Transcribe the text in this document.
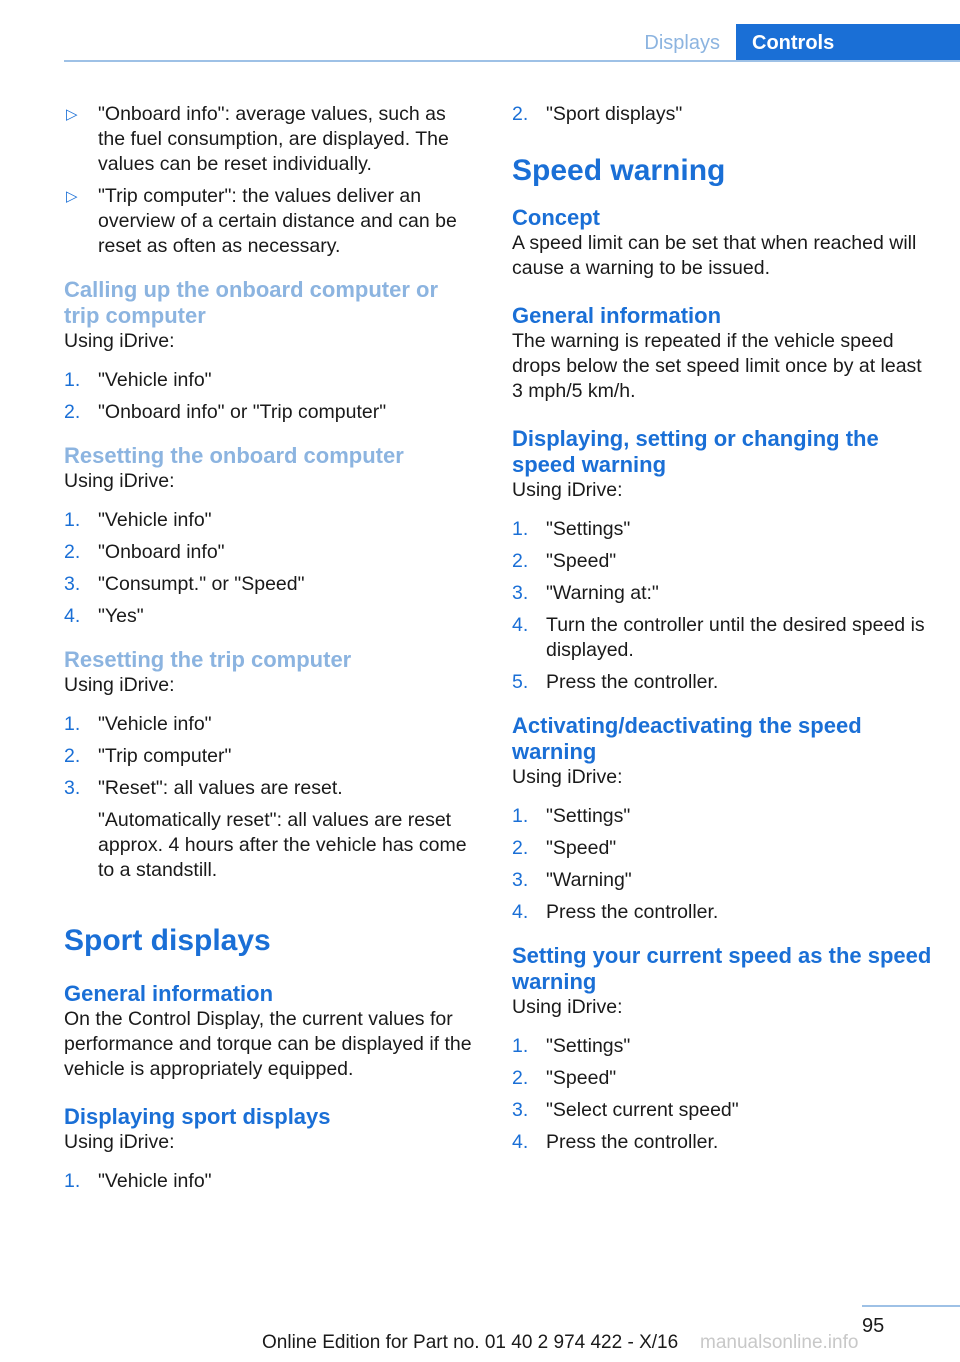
Displays	Controls
▷ "Onboard info": average values, such as the fuel consumption, are displayed. The values can be reset individually.
▷ "Trip computer": the values deliver an overview of a certain distance and can be reset as often as necessary.
Calling up the onboard computer or trip computer

Using iDrive:

1. "Vehicle info"
2. "Onboard info" or "Trip computer"
Resetting the onboard computer

Using iDrive:

1. "Vehicle info"
2. "Onboard info"
3. "Consumpt." or "Speed"
4. "Yes"
Resetting the trip computer

Using iDrive:

1. "Vehicle info"
2. "Trip computer"
3. "Reset": all values are reset.
"Automatically reset": all values are reset approx. 4 hours after the vehicle has come to a standstill.
Sport displays
General information

On the Control Display, the current values for performance and torque can be displayed if the vehicle is appropriately equipped.

Displaying sport displays

Using iDrive:

1. "Vehicle info"
2. "Sport displays"
Speed warning
Concept

A speed limit can be set that when reached will cause a warning to be issued.

General information

The warning is repeated if the vehicle speed drops below the set speed limit once by at least 3 mph/5 km/h.

Displaying, setting or changing the speed warning

Using iDrive:

1. "Settings"
2. "Speed"
3. "Warning at:"
4. Turn the controller until the desired speed is displayed.
5. Press the controller.
Activating/deactivating the speed warning

Using iDrive:

1. "Settings"
2. "Speed"
3. "Warning"
4. Press the controller.
Setting your current speed as the speed warning

Using iDrive:

1. "Settings"
2. "Speed"
3. "Select current speed"
4. Press the controller.
95
Online Edition for Part no. 01 40 2 974 422 - X/16 manualsonline.info
